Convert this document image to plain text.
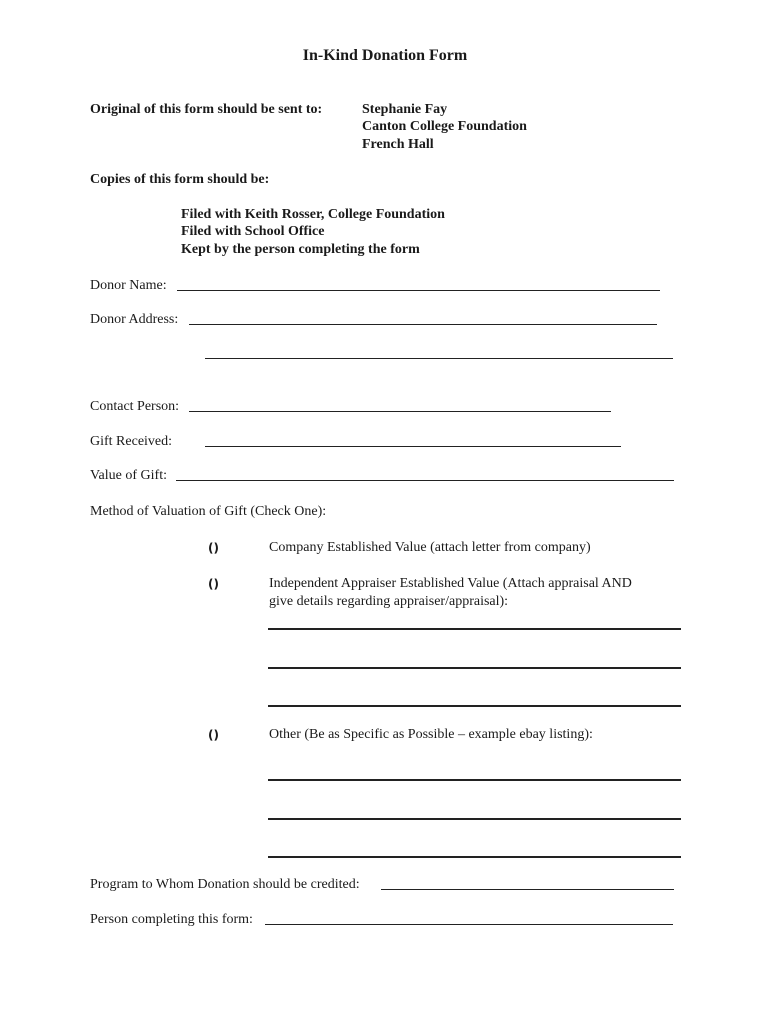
In-Kind Donation Form
Original of this form should be sent to:	Stephanie Fay
Canton College Foundation
French Hall
Copies of this form should be:
Filed with Keith Rosser, College Foundation
Filed with School Office
Kept by the person completing the form
Donor Name:
Donor Address:
Contact Person:
Gift Received:
Value of Gift:
Method of Valuation of Gift (Check One):
()	Company Established Value (attach letter from company)
()	Independent Appraiser Established Value (Attach appraisal AND
give details regarding appraiser/appraisal):
()	Other (Be as Specific as Possible – example ebay listing):
Program to Whom Donation should be credited:
Person completing this form:
